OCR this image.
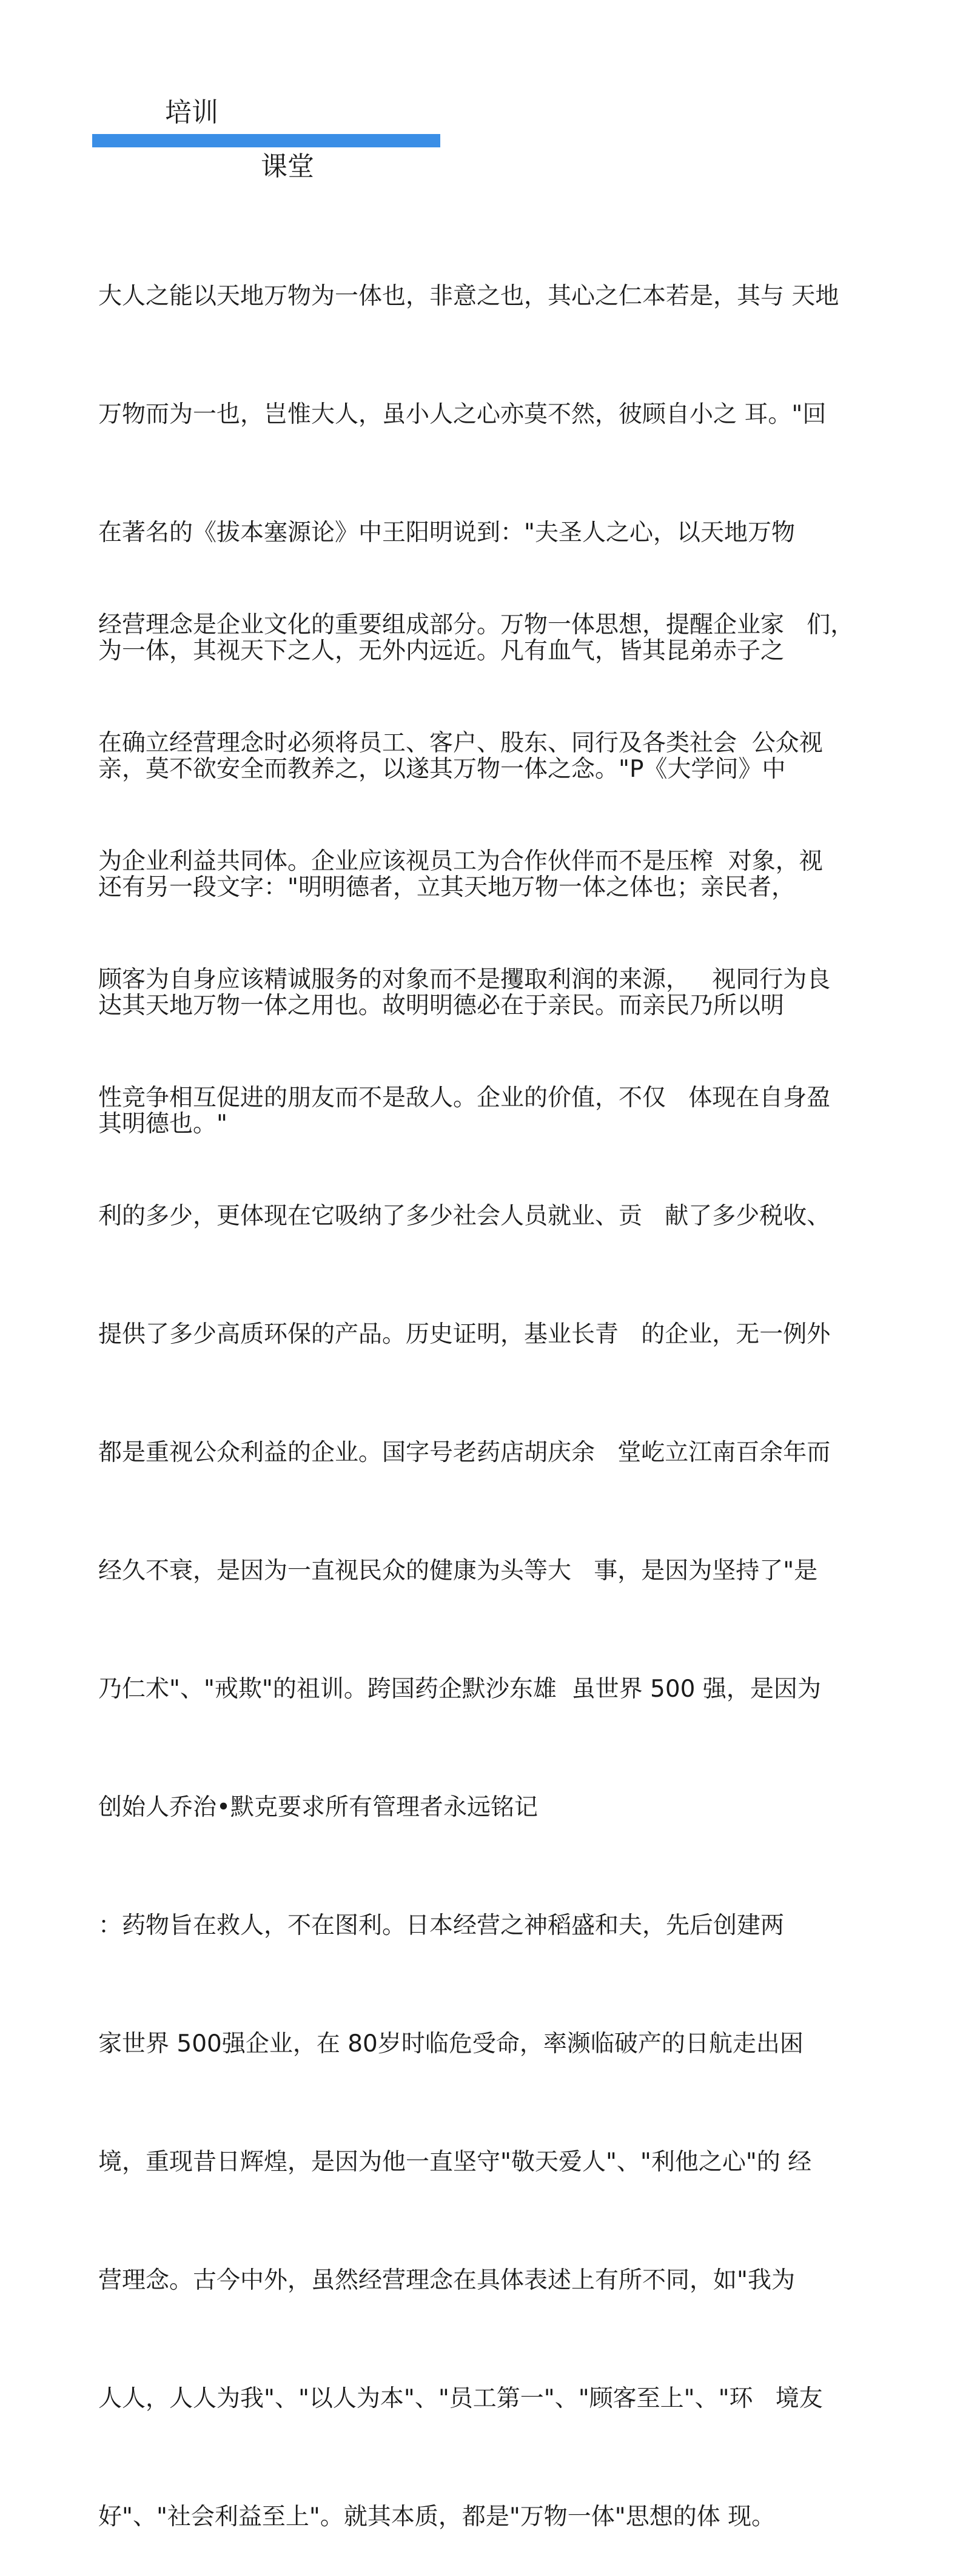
培训
课堂

大人之能以天地万物为一体也，非意之也，其心之仁本若是，其与 天地

万物而为一也，岂惟大人，虽小人之心亦莫不然，彼顾自小之 耳。"回

在著名的《拔本塞源论》中王阳明说到："夫圣人之心，以天地万物

为一体，其视天下之人，无外内远近。凡有血气，皆其昆弟赤子之

亲，莫不欲安全而教养之，以遂其万物一体之念。"P《大学问》中

还有另一段文字："明明德者，立其天地万物一体之体也；亲民者，

达其天地万物一体之用也。故明明德必在于亲民。而亲民乃所以明

其明德也。"

经营理念是企业文化的重要组成部分。万物一体思想，提醒企业家   们，

在确立经营理念时必须将员工、客户、股东、同行及各类社会  公众视

为企业利益共同体。企业应该视员工为合作伙伴而不是压榨  对象，视

顾客为自身应该精诚服务的对象而不是攫取利润的来源，   视同行为良

性竞争相互促进的朋友而不是敌人。企业的价值，不仅   体现在自身盈

利的多少，更体现在它吸纳了多少社会人员就业、贡   献了多少税收、

提供了多少高质环保的产品。历史证明，基业长青   的企业，无一例外

都是重视公众利益的企业。国字号老药店胡庆余   堂屹立江南百余年而

经久不衰，是因为一直视民众的健康为头等大   事，是因为坚持了"是

乃仁术"、"戒欺"的祖训。跨国药企默沙东雄  虽世界 500 强，是因为

创始人乔治•默克要求所有管理者永远铭记

：药物旨在救人，不在图利。日本经营之神稻盛和夫，先后创建两

家世界 500强企业，在 80岁时临危受命，率濒临破产的日航走出困

境，重现昔日辉煌，是因为他一直坚守"敬天爱人"、"利他之心"的 经

营理念。古今中外，虽然经营理念在具体表述上有所不同，如"我为

人人，人人为我"、"以人为本"、"员工第一"、"顾客至上"、"环   境友

好"、"社会利益至上"。就其本质，都是"万物一体"思想的体 现。
